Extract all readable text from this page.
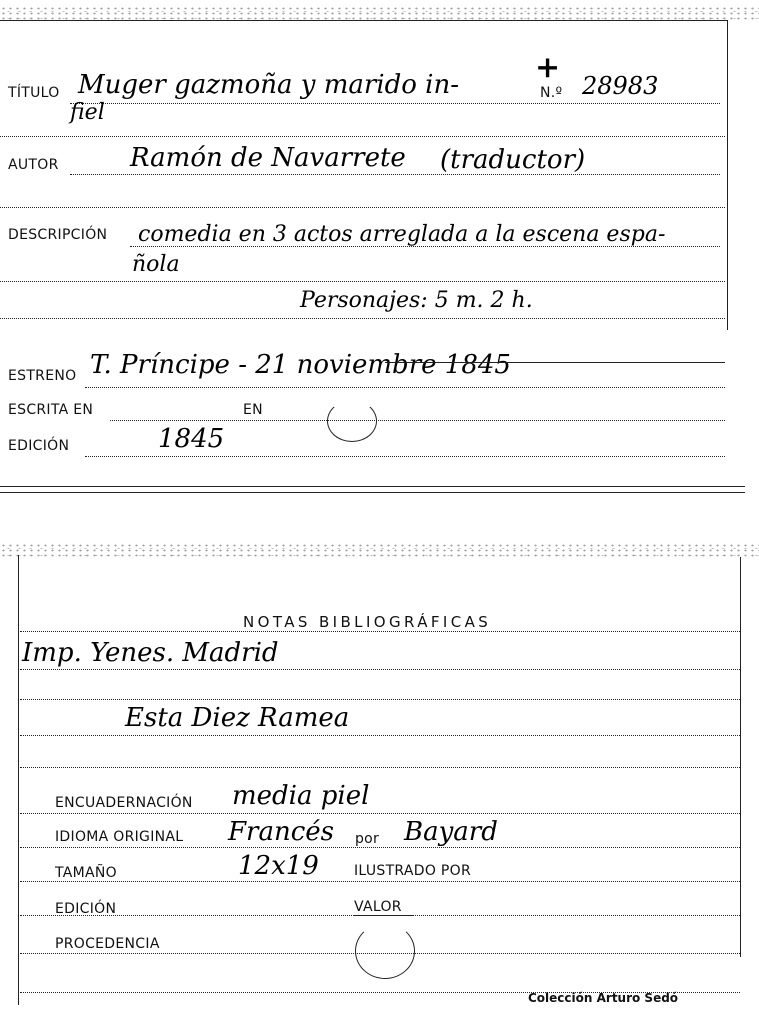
TÍTULO Muger gazmoña y marido in-	N.º 28983
+
fiel
AUTOR	Ramón de Navarrete (traductor)
DESCRIPCIÓN comedia en 3 actos arreglada a la escena espa-
ñola
Personajes: 5 m. 2 h.
ESTRENO T. Príncipe - 21 noviembre 1845
ESCRITA EN	EN
EDICIÓN	1845
NOTAS BIBLIOGRÁFICAS
Imp. Yenes. Madrid
Esta Diez Ramea
ENCUADERNACIÓN media piel
IDIOMA ORIGINAL Francés por Bayard
TAMAÑO	12x19	ILUSTRADO POR
EDICIÓN	VALOR
PROCEDENCIA
Colección Arturo Sedó
